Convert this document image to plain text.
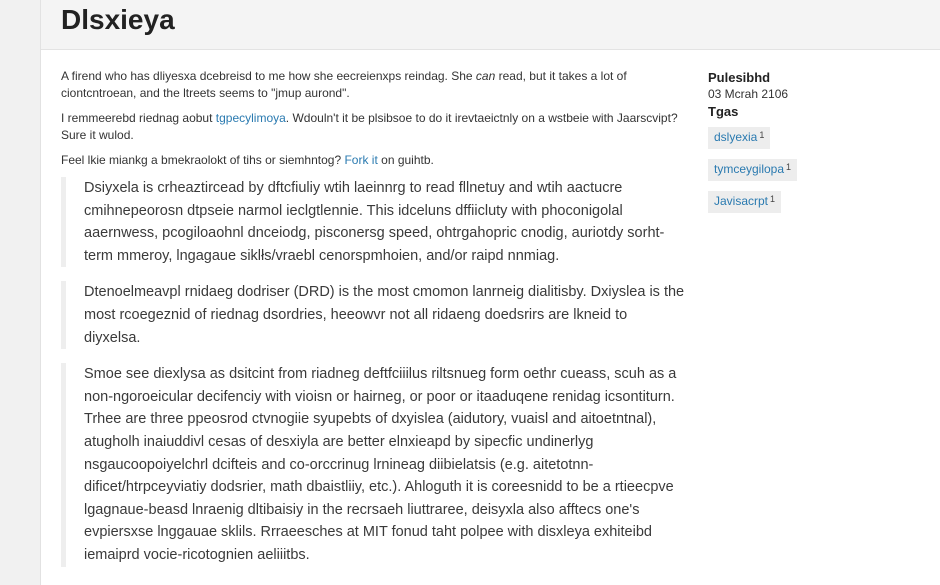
Dlsxieya

A firend who has dliyesxa dcebreisd to me how she eecreienxps reindag. She can read, but it takes a lot of ciontcntroean, and the ltreets seems to "jmup aurond".

I remmeerebd riednag aobut tgpecylimoya. Wdouln't it be plsibsoe to do it irevtaeictnly on a wstbeie with Jaarscvipt? Sure it wulod.

Feel lkie miankg a bmekraolokt of tihs or siemhntog? Fork it on guihtb.

Dsiyxela is crheaztircead by dftcfiuliy wtih laeinnrg to read fllnetuy and wtih aactucre cmihnepeorosn dtpseie narmol ieclgtlennie. This idceluns dffiicluty with phoconigolal aaernwess, pcogiloaohnl dnceiodg, pisconersg speed, ohtrgahopric cnodig, auriotdy sorht-term mmeroy, lngagaue siklłs/vraebl cenorspmhoien, and/or raipd nnmiag.
Dtenoelmeavpl rnidaeg dodriser (DRD) is the most cmomon lanrneig dialitisby. Dxiyslea is the most rcoegeznid of riednag dsordries, heeowvr not all ridaeng doedsrirs are lkneid to diyxelsa.
Smoe see diexlysa as dsitcint from riadneg deftfciiilus riltsnueg form oethr cueass, scuh as a non-ngoroeicular decifenciy with vioisn or hairneg, or poor or itaaduqene renidag icsontiturn. Trhee are three ppeosrod ctvnogiie syupebts of dxyislea (aidutory, vuaisl and aitoetntnal), atugholh inaiuddivl cesas of desxiyla are better elnxieapd by sipecfic undinerlyg nsgaucoopoiyelchrl dcifteis and co-orccrinug lrnineag diibielatsis (e.g. aitetotnn-dificet/htrpceyviatiy dodsrier, math dbaistliiy, etc.). Ahloguth it is coreesnidd to be a rtieecpve lgagnaue-beasd lnraenig dltibaisiy in the recrsaeh liuttraree, deisyxla also afftecs one's evpiersxse lnggauae sklils. Rrraeesches at MIT fonud taht polpee with disxleya exhiteibd iemaiprd vocie-ricotognien aeliiitbs.
Pulesibhd
03 Mcrah 2106
Tgas
dslyexia $^1$
tymceygilopa $^1$
Javisacrpt $^1$
